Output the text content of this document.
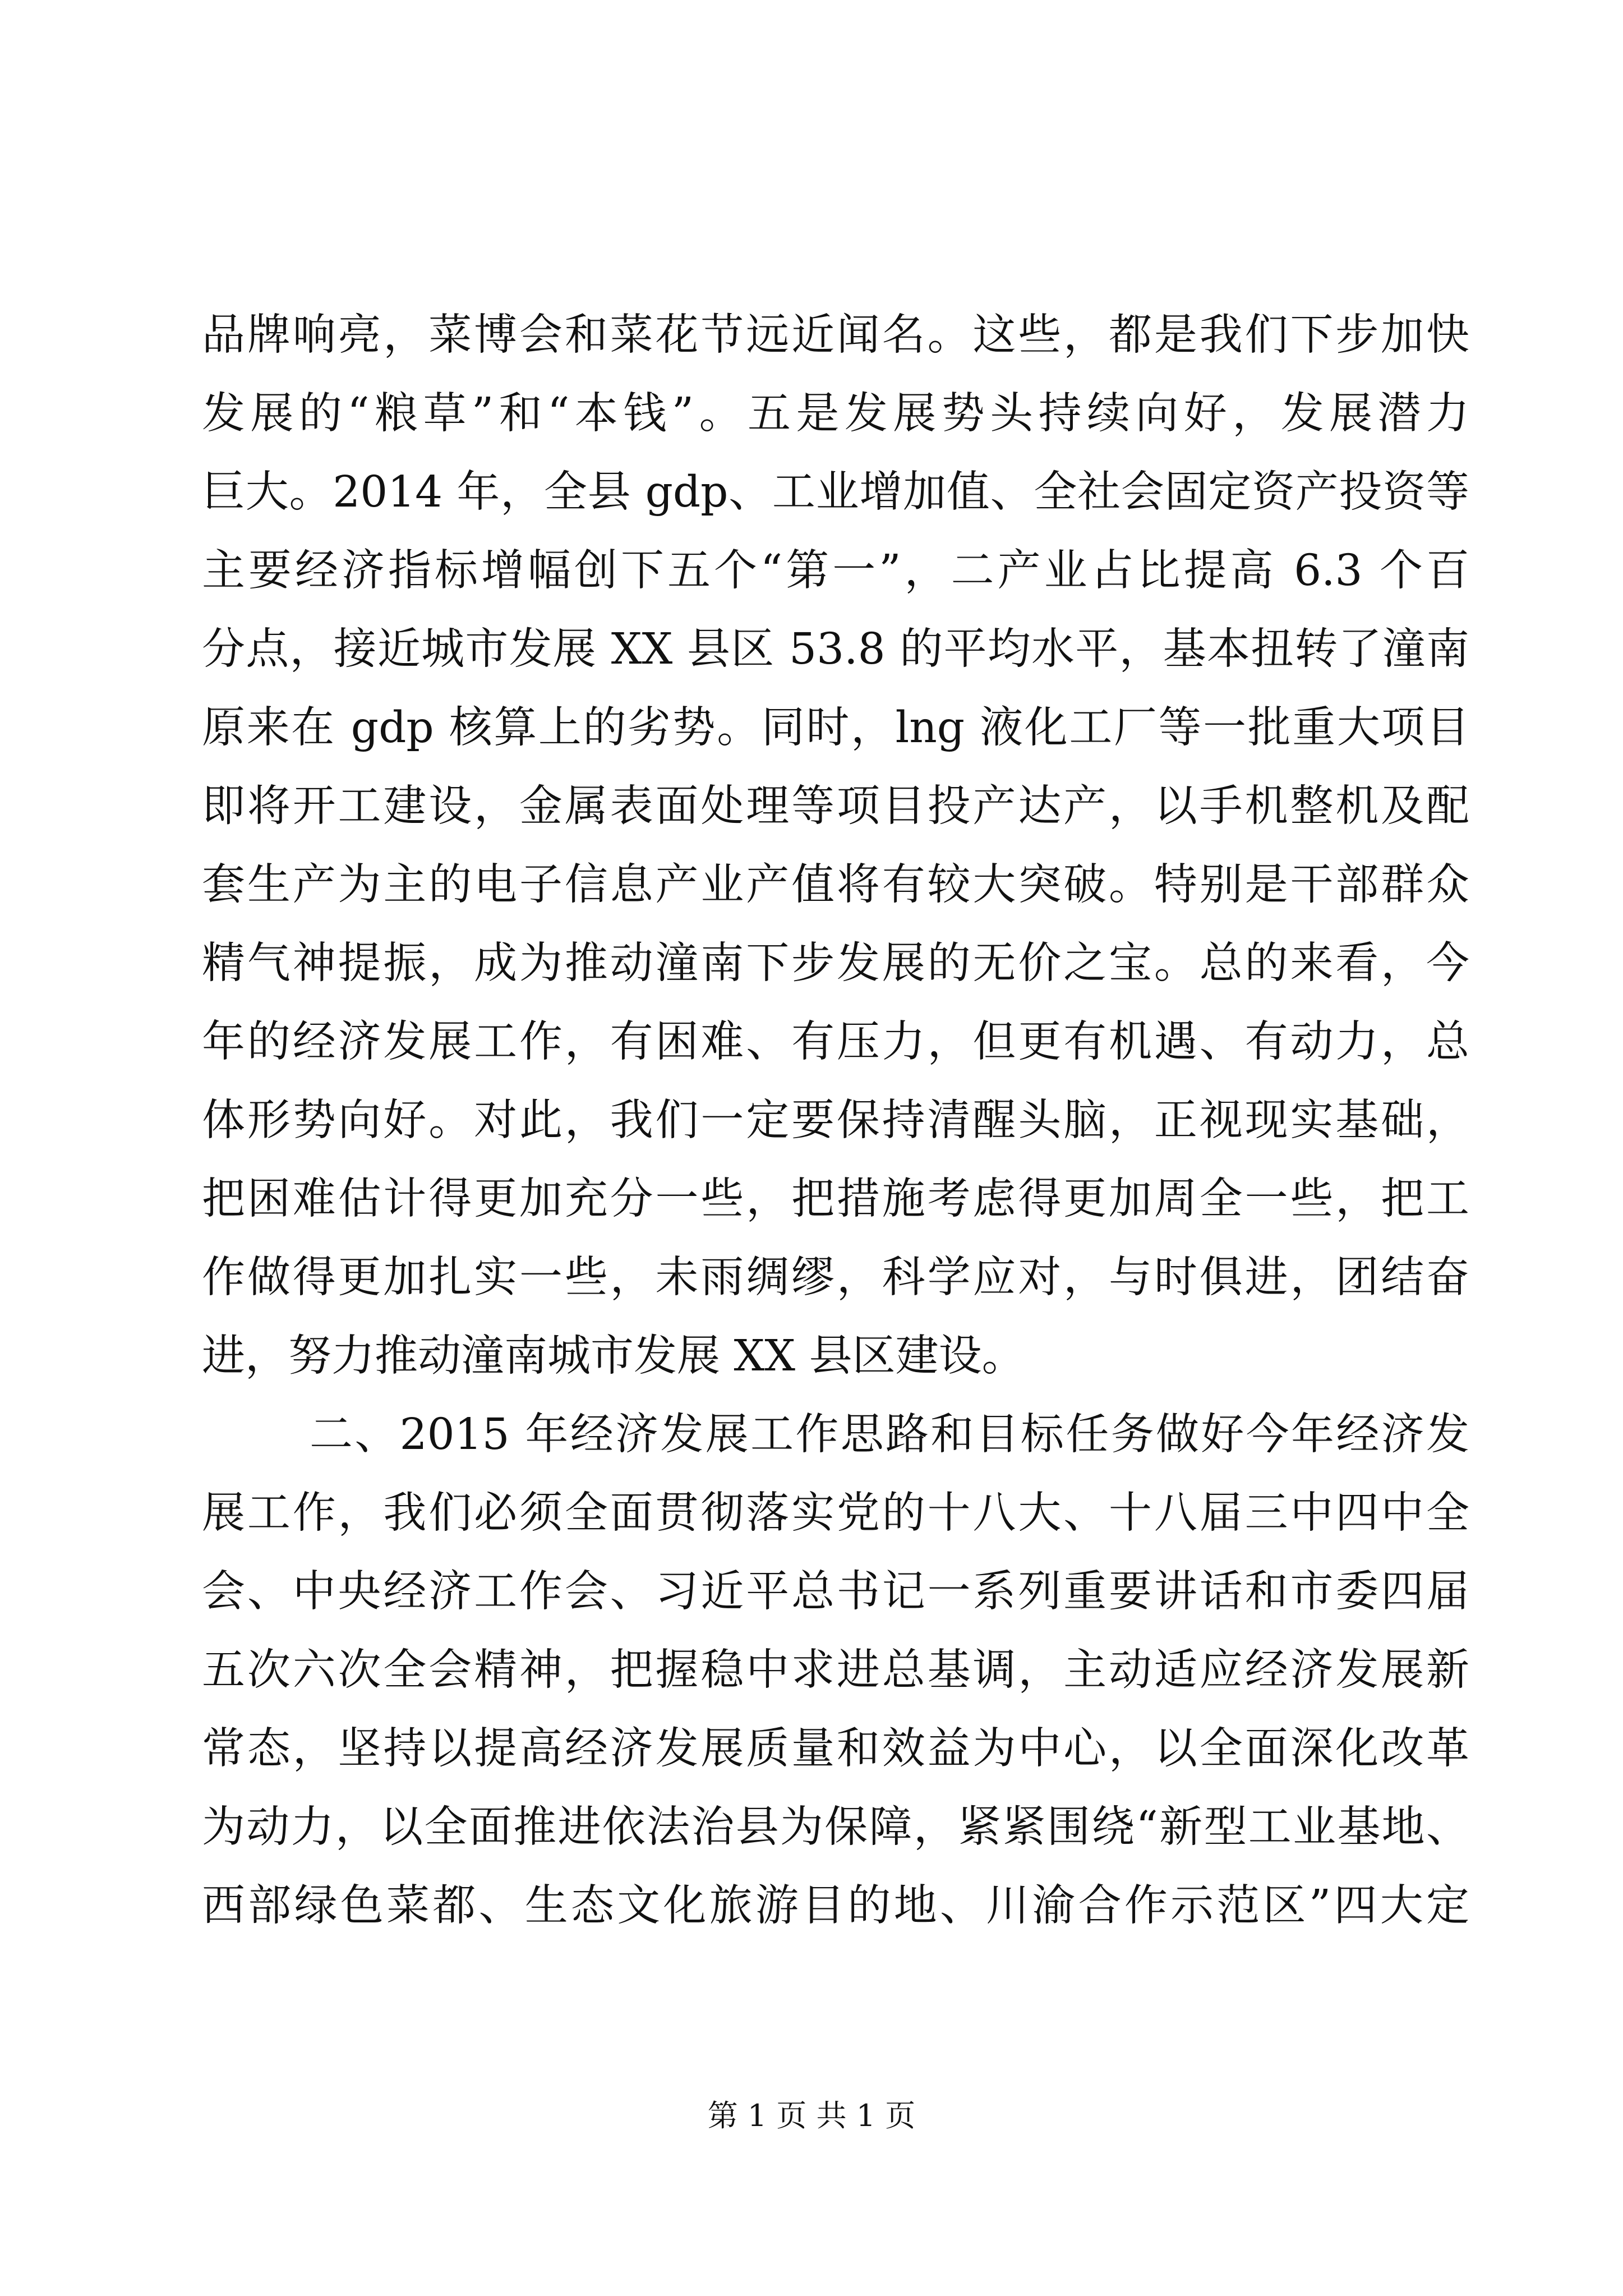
品牌响亮，菜博会和菜花节远近闻名。这些，都是我们下步加快
发展的“粮草”和“本钱”。五是发展势头持续向好，发展潜力
巨大。2014 年，全县 gdp、工业增加值、全社会固定资产投资等
主要经济指标增幅创下五个“第一”，二产业占比提高 6.3 个百
分点，接近城市发展 XX 县区 53.8 的平均水平，基本扭转了潼南
原来在 gdp 核算上的劣势。同时，lng 液化工厂等一批重大项目
即将开工建设，金属表面处理等项目投产达产，以手机整机及配
套生产为主的电子信息产业产值将有较大突破。特别是干部群众
精气神提振，成为推动潼南下步发展的无价之宝。总的来看，今
年的经济发展工作，有困难、有压力，但更有机遇、有动力，总
体形势向好。对此，我们一定要保持清醒头脑，正视现实基础，
把困难估计得更加充分一些，把措施考虑得更加周全一些，把工
作做得更加扎实一些，未雨绸缪，科学应对，与时俱进，团结奋
进，努力推动潼南城市发展 XX 县区建设。
二、2015 年经济发展工作思路和目标任务做好今年经济发
展工作，我们必须全面贯彻落实党的十八大、十八届三中四中全
会、中央经济工作会、习近平总书记一系列重要讲话和市委四届
五次六次全会精神，把握稳中求进总基调，主动适应经济发展新
常态，坚持以提高经济发展质量和效益为中心，以全面深化改革
为动力，以全面推进依法治县为保障，紧紧围绕“新型工业基地、
西部绿色菜都、生态文化旅游目的地、川渝合作示范区”四大定
第 1 页 共 1 页
